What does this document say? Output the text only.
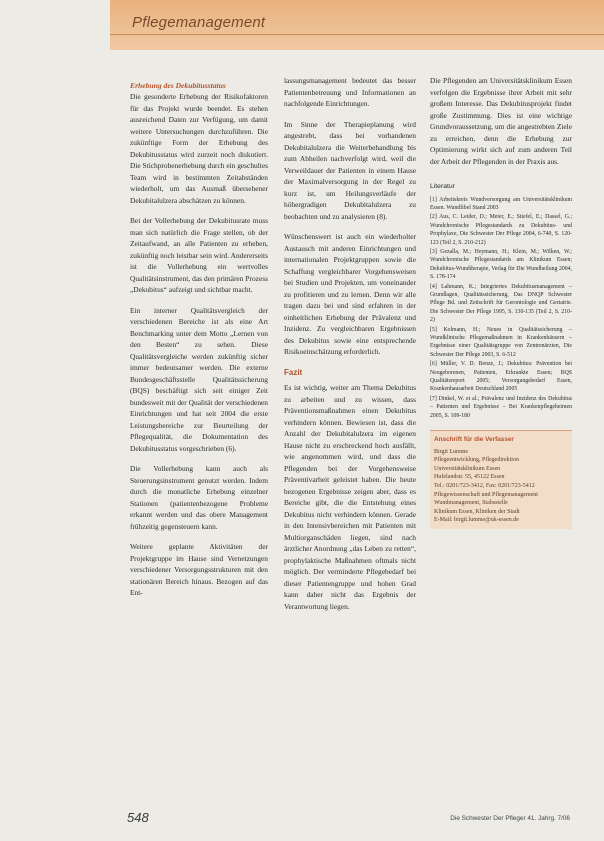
Pflegemanagement
Erhebung des Dekubitusstatus

Die gesonderte Erhebung der Risikofaktoren für das Projekt wurde beendet. Es stehen ausreichend Daten zur Verfügung, um damit weitere Untersuchungen durchzuführen. Die zukünftige Form der Erhebung des Dekubitusstatus wird zurzeit noch diskutiert. Die Stichprobenerhebung durch ein geschultes Team wird in bestimmten Zeitabständen wiederholt, um das Ausmaß übersehener Dekubitalulzera abschätzen zu können.

Bei der Vollerhebung der Dekubitusrate muss man sich natürlich die Frage stellen, ob der Zeitaufwand, an alle Patienten zu erheben, zukünftig noch leistbar sein wird. Andererseits ist die Vollerhebung ein wertvolles Qualitätsinstrument, das den primären Prozess „Dekubitus“ aufzeigt und sichtbar macht.

Ein interner Qualitätsvergleich der verschiedenen Bereiche ist als eine Art Benchmarking unter dem Motto „Lernen von den Besten“ zu sehen. Diese Qualitätsvergleiche werden zukünftig sicher immer bedeutsamer werden. Die externe Bundesgeschäftsstelle Qualitätssicherung (BQS) beschäftigt sich seit einiger Zeit bundesweit mit der Qualität der verschiedenen Einrichtungen und hat seit 2004 die erste Leistungsbereiche zur Beurteilung der Pflegequalität, die Dokumentation des Dekubitusstatus vorgeschrieben (6).

Die Vollerhebung kann auch als Steuerungsinstrument genutzt werden. Indem durch die monatliche Erhebung einzelner Stationen (patientenbezogene Probleme erkannt werden und das obere Management frühzeitig gegensteuern kann.

Weitere geplante Aktivitäten der Projektgruppe im Hause sind Vernetzungen verschiedener Versorgungsstrukturen mit den stationären Bereich hinaus. Bezogen auf das Ent-

lassungsmanagement bedeutet das besser Patientenbetreuung und Informationen an nachfolgende Einrichtungen.

Im Sinne der Therapieplanung wird angestrebt, dass bei vorhandenen Dekubitalulzera die Weiterbehandlung bis zum Abheilen nachverfolgt wird, weil die Verweildauer der Patienten in einem Hause der Maximalversorgung in der Regel zu kurz ist, um Heilungsverläufe der höhergradigen Dekubitalulzera zu beobachten und zu analysieren (8).

Wünschenswert ist auch ein wiederholter Austausch mit anderen Einrichtungen und internationalen Projektgruppen sowie die Schaffung vergleichbarer Vorgehensweisen bei Studien und Projekten, um voneinander zu profitieren und zu lernen. Denn wir alle tragen dazu bei und sind erfahren in der einheitlichen Erhebung der Prävalenz und Inzidenz. Zu vergleichbaren Ergebnissen des Dekubitus sowie eine entsprechende Risikoeinschätzung erforderlich.

Fazit

Es ist wichtig, weiter am Thema Dekubitus zu arbeiten und zu wissen, dass Präventionsmaßnahmen einen Dekubitus verhindern können. Bewiesen ist, dass die Anzahl der Dekubitalulzera im eigenen Hause nicht zu erschreckend hoch ausfällt, wie angenommen wird, und dass die Pflegenden bei der Vorgehensweise Präventivarbeit geleistet haben. Die heute bezogenen Ergebnisse zeigen aber, dass es Bereiche gibt, die die Entstehung eines Dekubitus nicht verhindern können. Gerade in den Intensivbereichen mit Patienten mit Multiorganschäden liegen, sind nach ärztlicher Anordnung „das Leben zu retten“, prophylaktische Maßnahmen oftmals nicht möglich. Der verminderte Pflegebedarf bei dieser Patientengruppe und hohen Grad kann daher nicht das Ergebnis der Verantwortung liegen.

Die Pflegenden am Universitätsklinikum Essen verfolgen die Ergebnisse ihrer Arbeit mit sehr großem Interesse. Das Dekubitusprojekt findet große Zustimmung. Dies ist eine wichtige Grundvoraussetzung, um die angestrebten Ziele zu erreichen, denn die Erhebung zur Optimierung wirkt sich auf zum anderen Teil der Arbeit der Pflegenden in der Praxis aus.

Literatur
[1] Arbeitskreis Wundversorgung am Universitätsklinikum Essen. Wundfibel Stand 2003
[2] Aus, C. Leider, D.; Meier, E.; Stiefel, E.; Dassel, G.; Wundchronische Pflegestandards zu Dekubitus- und Prophylaxe, Die Schwester Der Pflege 2004, 6-740, S. 120-123 (Teil 2, S. 210-212)
[3] Gezalla, M.; Heymann, H.; Klein, M.; Wilken, W.; Wundchronische Pflegestandards am Klinikum Essen; Dekubitus-Wundtherapie, Verlag für Die Wundheilung 2004, S. 178-174
[4] Lahmann, K.; Integriertes Dekubitusmanagement – Grundlagen, Qualitätssicherung, Das DNQP Schwester Pflege Bd. und Zeitschrift für Gerontologie und Geriatrie. Die Schwester Der Pflege 1995, S. 130-135 (Teil 2, S. 210-2)
[5] Kolmann, H.; Neues in Qualitätssicherung – Wundklinische Pflegemaßnahmen in Krankenhäusern – Ergebnisse einer Qualitätsgruppe von Zentrenärzten, Die Schwester Der Pflege 2003, S. 6-512
[6] Müller, V. D. Benze, J.; Dekubitus: Prävention bei Neugeborenen, Patienten, Erkrankte Essen; BQS Qualitätsreport 2005; Versorgungsbedarf Essen, Krankenhausarbeit Deutschland 2005
[7] Dinkel, W. et al.; Prävalenz und Inzidenz des Dekubitus – Patienten und Ergebnisse – Bei Krankenpflegeheimen 2005, S. 109-180
Anschrift für die Verfasser
Birgit Lumme
Pflegeentwicklung, Pflegedirektion
Universitätsklinikum Essen
Hufelandstr. 55, 45122 Essen
Tel.: 0201/723-3412, Fax: 0201/723-5412
Pflegewissenschaft und Pflegemanagement
Wundmanagement, Stabsstelle
Klinikum Essen, Kliniken der Stadt
E-Mail: birgit.lumme@uk-essen.de
548	Die Schwester Der Pfleger 41. Jahrg. 7/06
